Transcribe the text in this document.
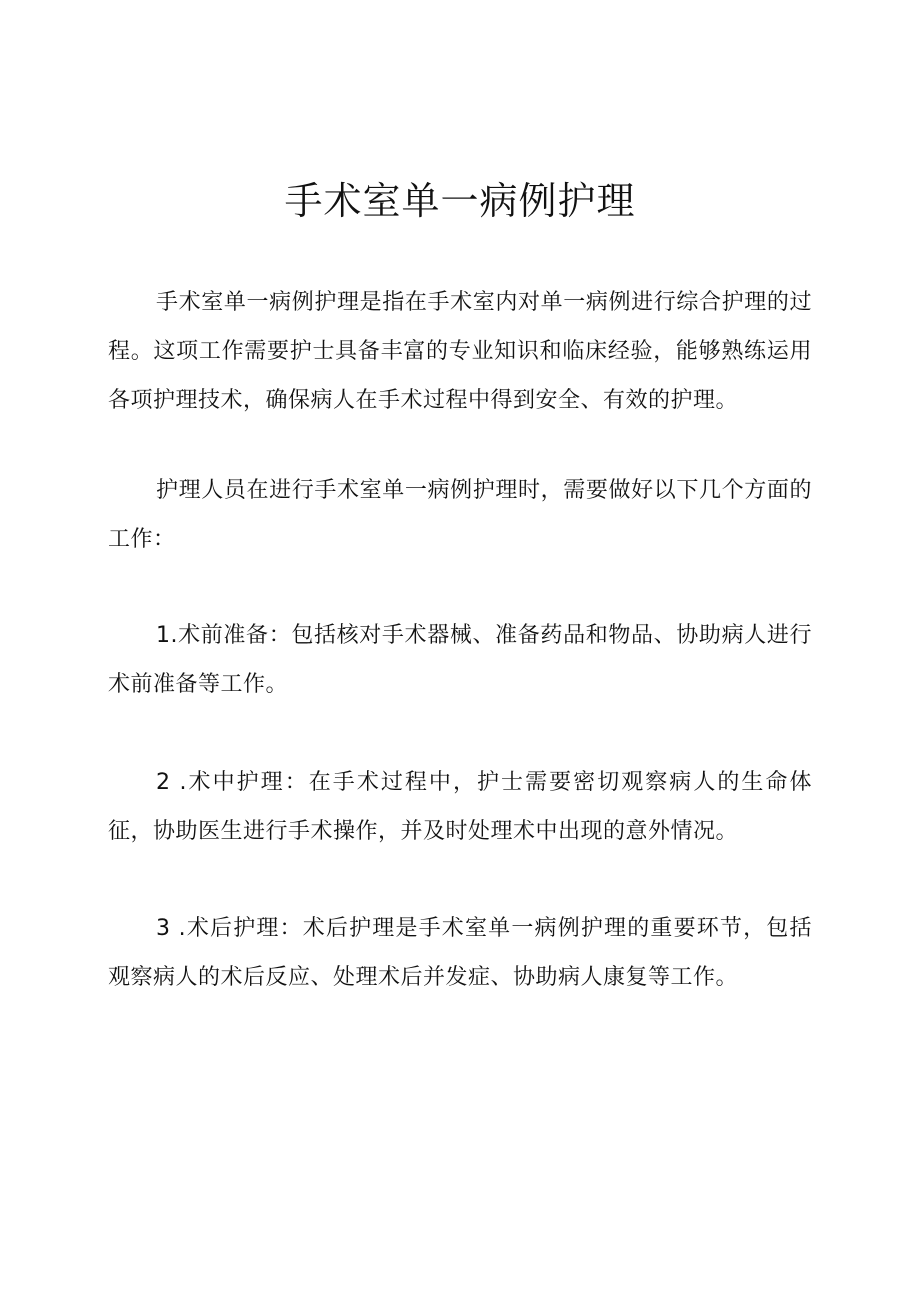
手术室单一病例护理

手术室单一病例护理是指在手术室内对单一病例进行综合护理的过程。这项工作需要护士具备丰富的专业知识和临床经验，能够熟练运用各项护理技术，确保病人在手术过程中得到安全、有效的护理。

护理人员在进行手术室单一病例护理时，需要做好以下几个方面的工作：

1.术前准备：包括核对手术器械、准备药品和物品、协助病人进行术前准备等工作。

2 .术中护理：在手术过程中，护士需要密切观察病人的生命体征，协助医生进行手术操作，并及时处理术中出现的意外情况。

3 .术后护理：术后护理是手术室单一病例护理的重要环节，包括观察病人的术后反应、处理术后并发症、协助病人康复等工作。
